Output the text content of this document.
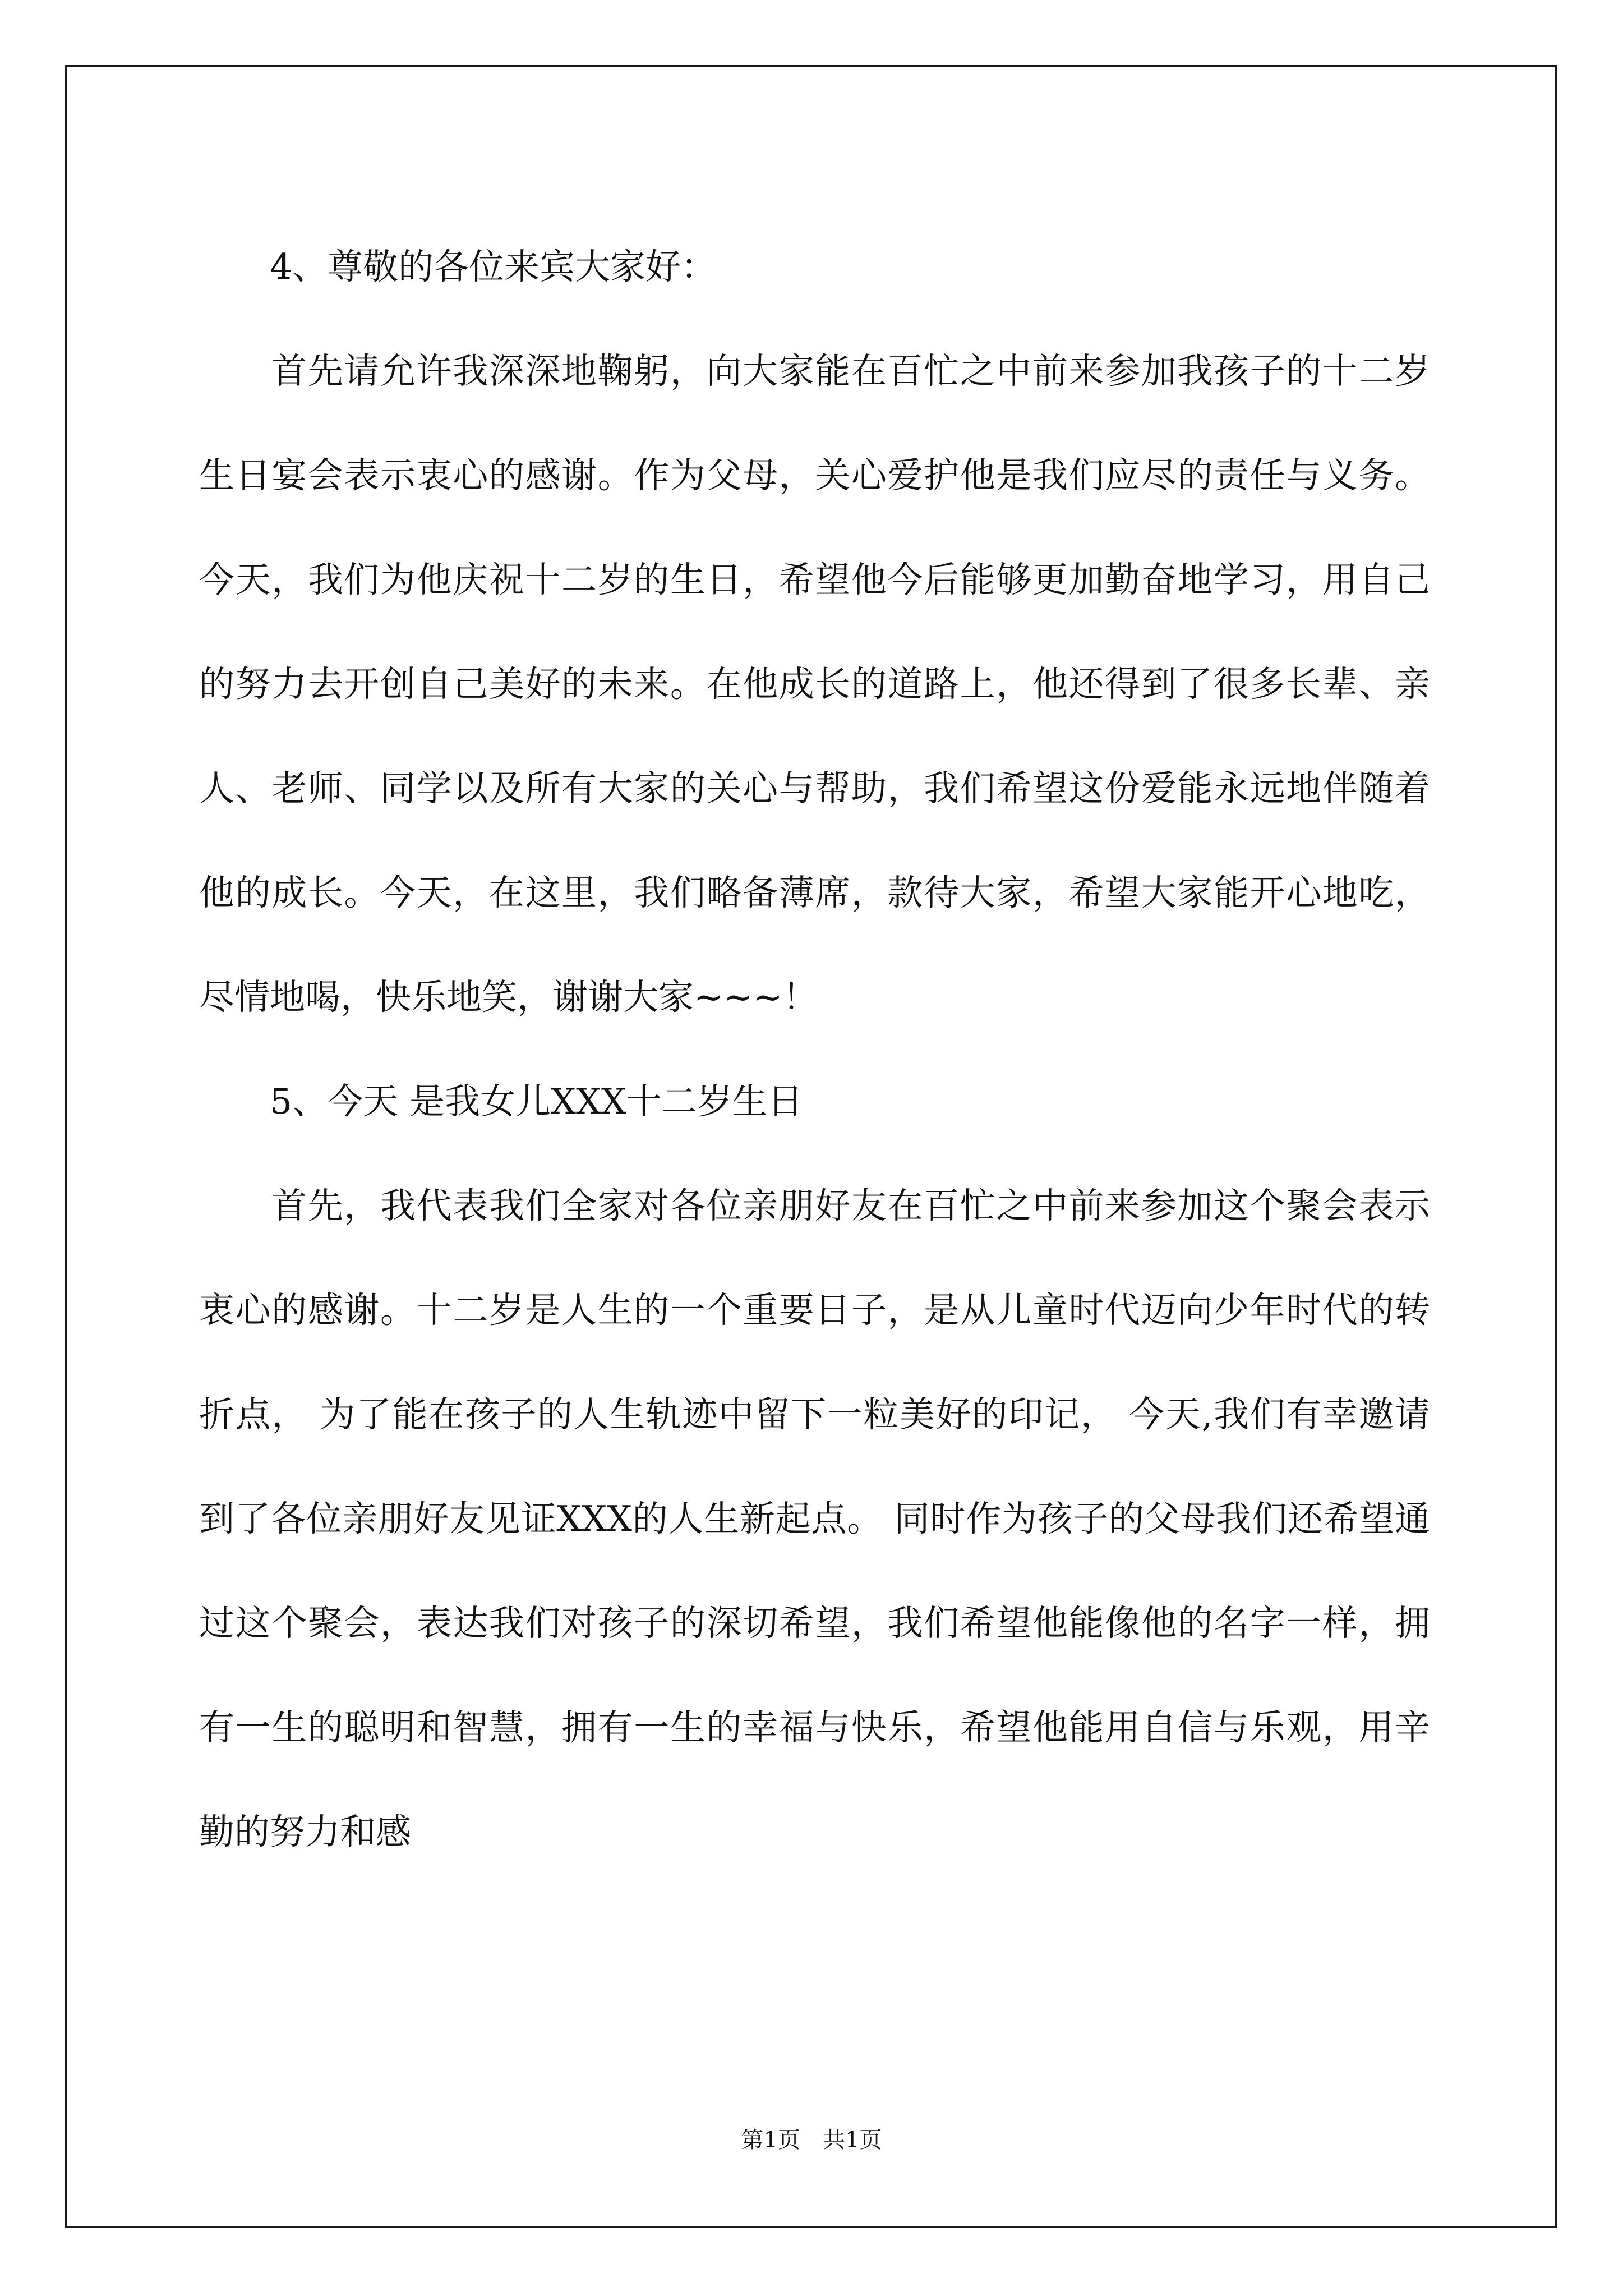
　　4、尊敬的各位来宾大家好：

　　首先请允许我深深地鞠躬，向大家能在百忙之中前来参加我孩子的十二岁生日宴会表示衷心的感谢。作为父母，关心爱护他是我们应尽的责任与义务。今天，我们为他庆祝十二岁的生日，希望他今后能够更加勤奋地学习，用自己的努力去开创自己美好的未来。在他成长的道路上，他还得到了很多长辈、亲人、老师、同学以及所有大家的关心与帮助，我们希望这份爱能永远地伴随着他的成长。今天，在这里，我们略备薄席，款待大家，希望大家能开心地吃，尽情地喝，快乐地笑，谢谢大家~~~！

　　5、今天 是我女儿XXX十二岁生日

　　首先，我代表我们全家对各位亲朋好友在百忙之中前来参加这个聚会表示衷心的感谢。十二岁是人生的一个重要日子，是从儿童时代迈向少年时代的转折点， 为了能在孩子的人生轨迹中留下一粒美好的印记， 今天,我们有幸邀请到了各位亲朋好友见证XXX的人生新起点。 同时作为孩子的父母我们还希望通过这个聚会，表达我们对孩子的深切希望，我们希望他能像他的名字一样，拥有一生的聪明和智慧，拥有一生的幸福与快乐，希望他能用自信与乐观，用辛勤的努力和感

第1页 共1页
